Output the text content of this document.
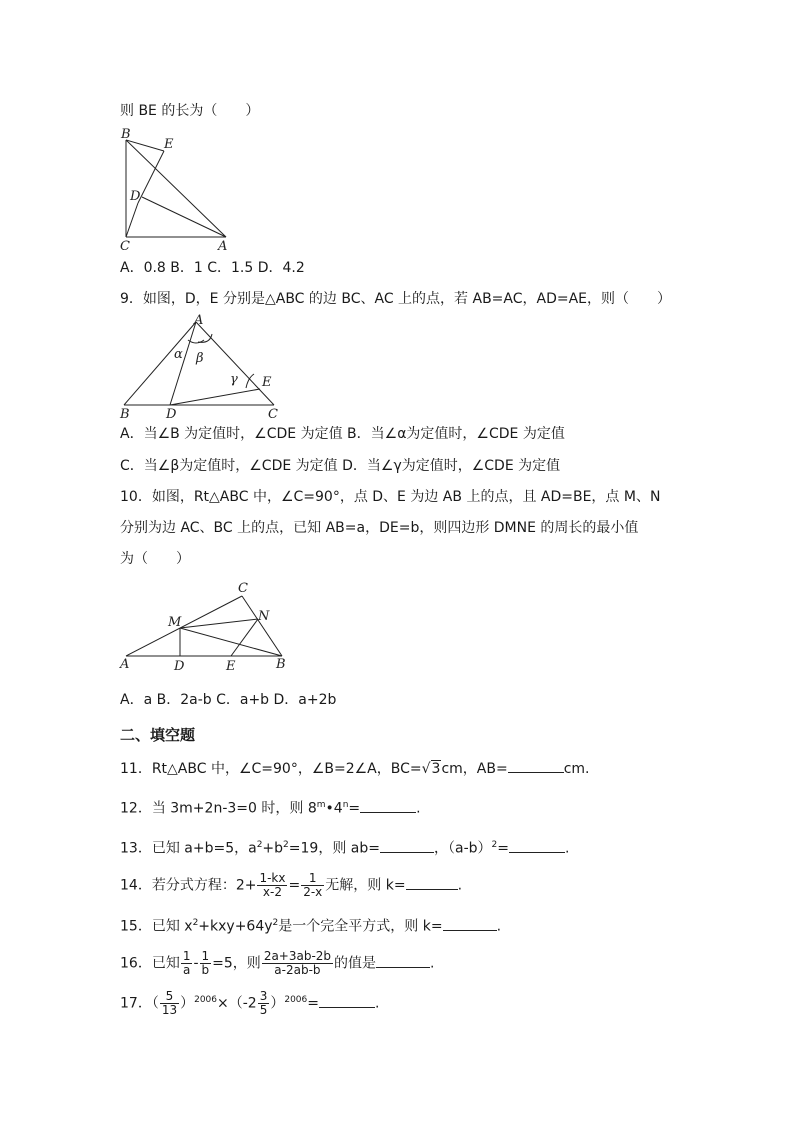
则 BE 的长为（　　）
B
E
D
C	A
A．0.8 B．1 C．1.5 D．4.2
9．如图，D，E 分别是△ABC 的边 BC、AC 上的点，若 AB=AC，AD=AE，则（　　）
A
α β
γ E
B	D	C
A．当∠B 为定值时，∠CDE 为定值 B．当∠α为定值时，∠CDE 为定值
C．当∠β为定值时，∠CDE 为定值 D．当∠γ为定值时，∠CDE 为定值
10．如图，Rt△ABC 中，∠C=90°，点 D、E 为边 AB 上的点，且 AD=BE，点 M、N
分别为边 AC、BC 上的点，已知 AB=a，DE=b，则四边形 DMNE 的周长的最小值
为（　　）
C
M	N
A	D	E	B
A．a B．2a-b C．a+b D．a+2b
二、填空题
11．Rt△ABC 中，∠C=90°，∠B=2∠A，BC=√3cm，AB=	cm.
12．当 3m+2n-3=0 时，则 $8^m•4^n=$	.
13．已知 a+b=5，$a^2+b^2=19$，则 ab=	，$(a-b)^2=$	.
14．若分式方程：$2+ \frac{1-kx}{x-2} = \frac{1}{2-x}$ 无解，则 k=	.
15．已知 $x^2+kxy+64y^2$是一个完全平方式，则 k=	.
16．已知 $\frac{1}{a} - \frac{1}{b} =5$，则 $\frac{2a+3ab-2b}{a-2ab-b}$ 的值是	.
17．（ $\frac{5}{13} )^{2006}\times(-2 \frac{3}{5} )^{2006}=$	.
